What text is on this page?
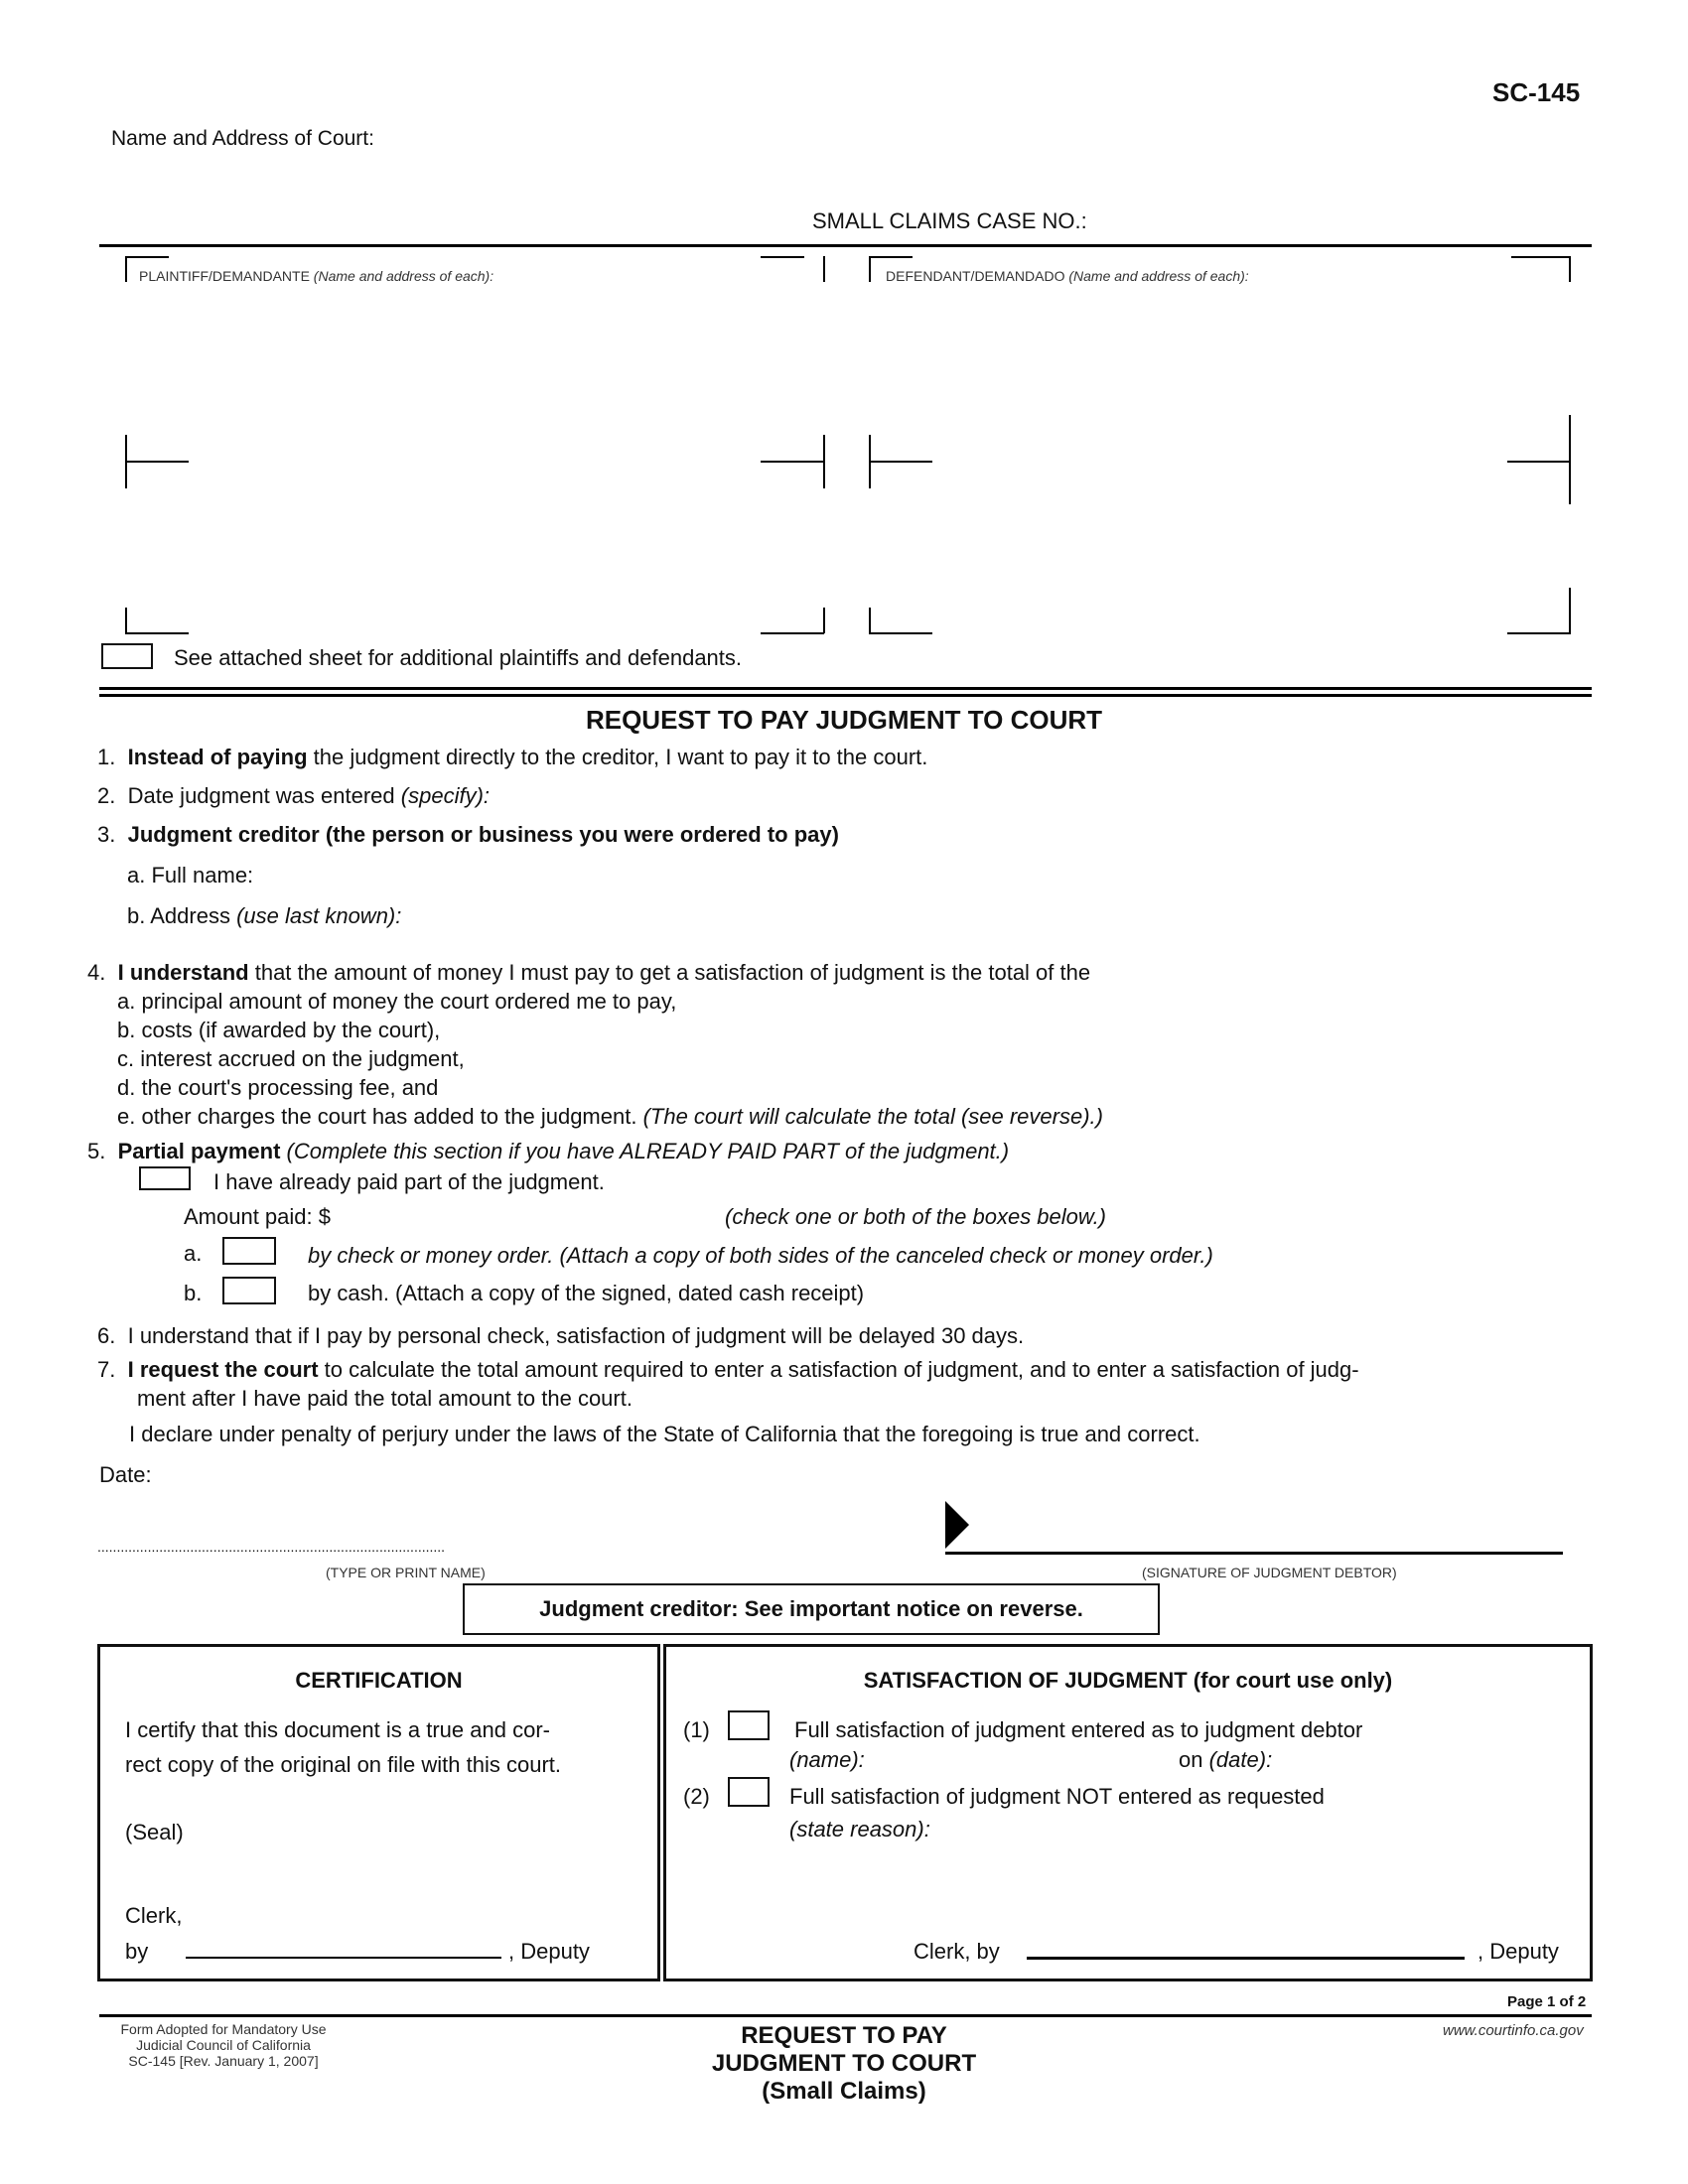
SC-145
Name and Address of Court:
SMALL CLAIMS CASE NO.:
PLAINTIFF/DEMANDANTE (Name and address of each):	DEFENDANT/DEMANDADO (Name and address of each):
See attached sheet for additional plaintiffs and defendants.
REQUEST TO PAY JUDGMENT TO COURT
1. Instead of paying the judgment directly to the creditor, I want to pay it to the court.
2. Date judgment was entered (specify):
3. Judgment creditor (the person or business you were ordered to pay)
a. Full name:
b. Address (use last known):
4. I understand that the amount of money I must pay to get a satisfaction of judgment is the total of the
a. principal amount of money the court ordered me to pay,
b. costs (if awarded by the court),
c. interest accrued on the judgment,
d. the court's processing fee, and
e. other charges the court has added to the judgment. (The court will calculate the total (see reverse).)
5. Partial payment (Complete this section if you have ALREADY PAID PART of the judgment.)
I have already paid part of the judgment.
Amount paid: $	(check one or both of the boxes below.)
a.	by check or money order. (Attach a copy of both sides of the canceled check or money order.)
b.	by cash. (Attach a copy of the signed, dated cash receipt)
6. I understand that if I pay by personal check, satisfaction of judgment will be delayed 30 days.
7. I request the court to calculate the total amount required to enter a satisfaction of judgment, and to enter a satisfaction of judg-
ment after I have paid the total amount to the court.
I declare under penalty of perjury under the laws of the State of California that the foregoing is true and correct.
Date:
..........................................................................................
(TYPE OR PRINT NAME)	(SIGNATURE OF JUDGMENT DEBTOR)
Judgment creditor: See important notice on reverse.
CERTIFICATION
I certify that this document is a true and cor-
rect copy of the original on file with this court.
(Seal)
Clerk,
by	, Deputy
SATISFACTION OF JUDGMENT (for court use only)
(1)	Full satisfaction of judgment entered as to judgment debtor
(name):	on (date):
(2)	Full satisfaction of judgment NOT entered as requested
(state reason):
Clerk, by	, Deputy
Page 1 of 2
Form Adopted for Mandatory Use
Judicial Council of California
SC-145 [Rev. January 1, 2007]
REQUEST TO PAY
JUDGMENT TO COURT
(Small Claims)
www.courtinfo.ca.gov
